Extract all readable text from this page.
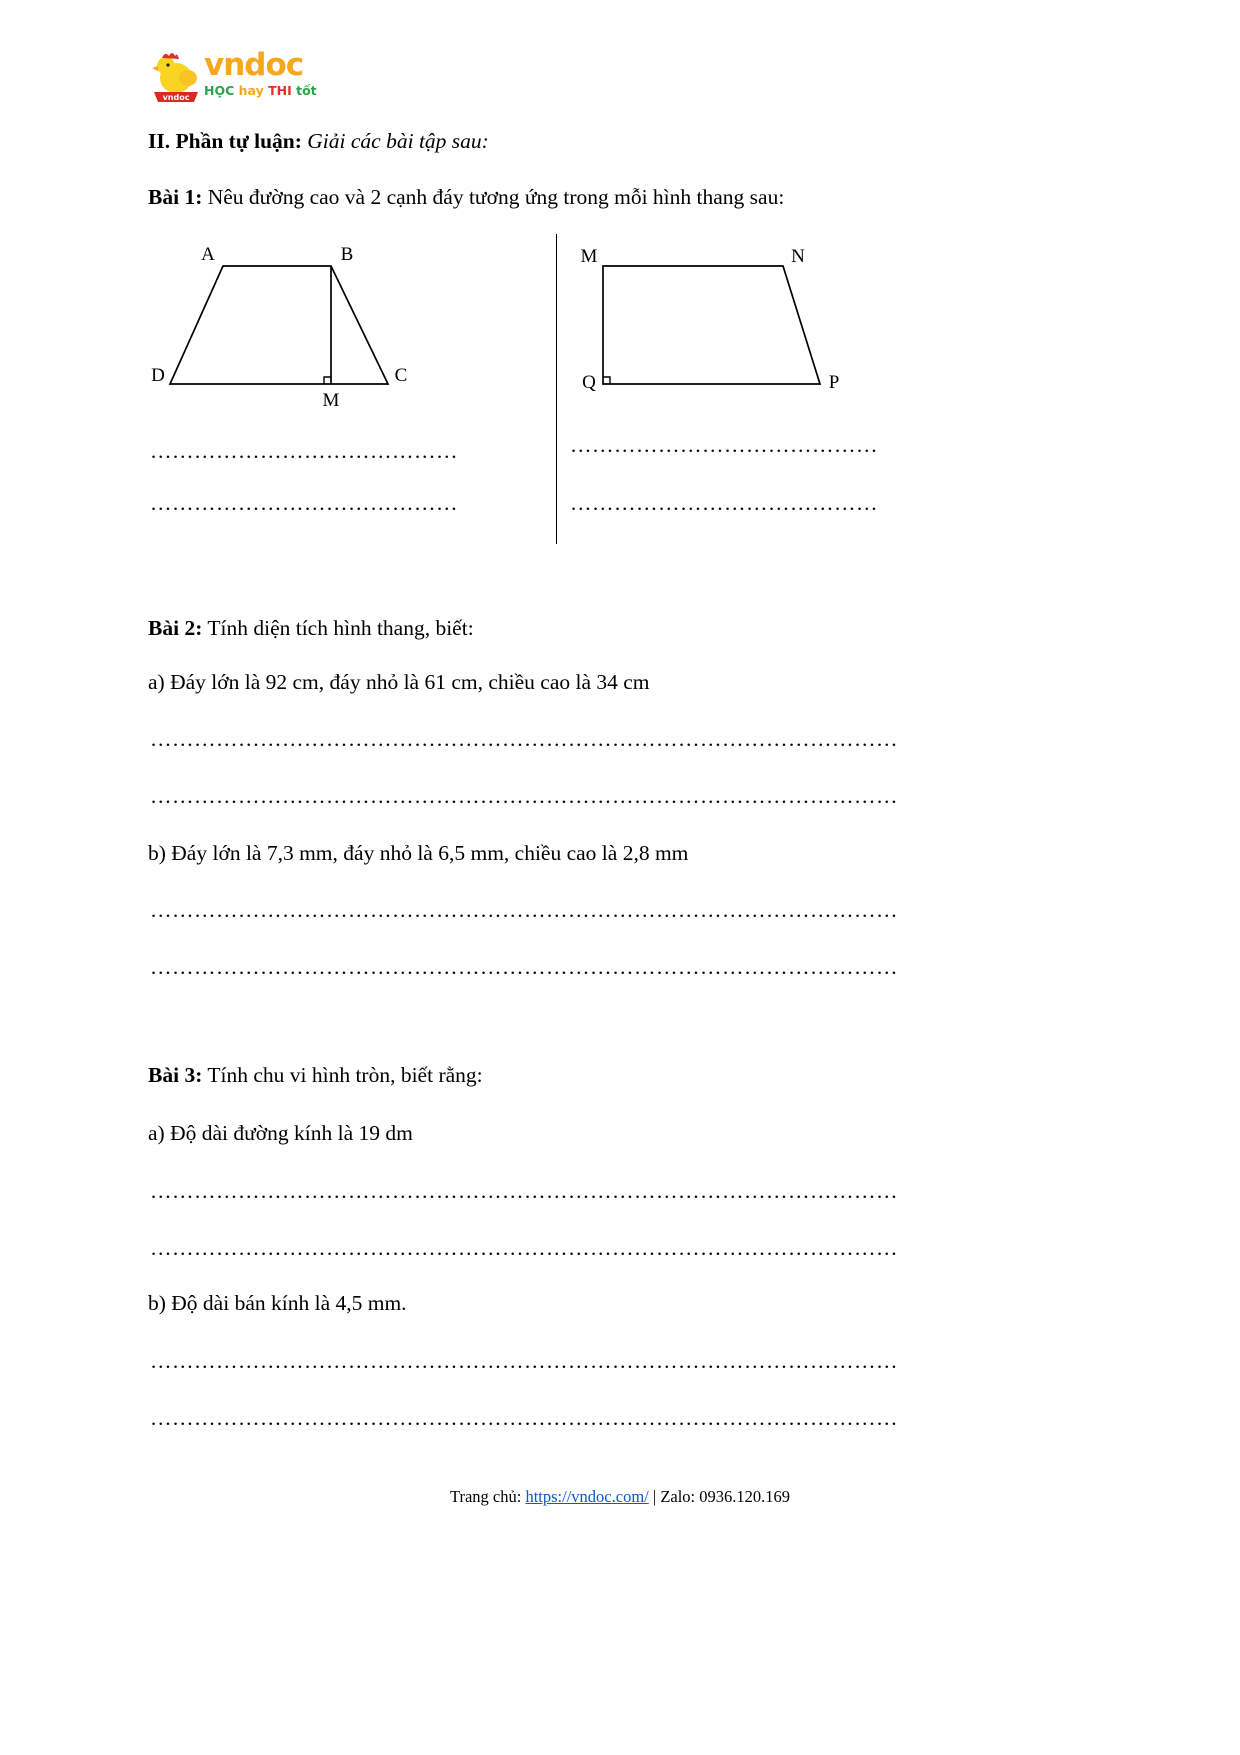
vndoc
vndoc
HỌC hay THI tốt
II. Phần tự luận: Giải các bài tập sau:
Bài 1: Nêu đường cao và 2 cạnh đáy tương ứng trong mỗi hình thang sau:
A	B
D	C
M
M	N
Q	P
……………………………………
……………………………………
……………………………………
……………………………………
Bài 2: Tính diện tích hình thang, biết:
a) Đáy lớn là 92 cm, đáy nhỏ là 61 cm, chiều cao là 34 cm
…………………………………………………………………………………………
…………………………………………………………………………………………
b) Đáy lớn là 7,3 mm, đáy nhỏ là 6,5 mm, chiều cao là 2,8 mm
…………………………………………………………………………………………
…………………………………………………………………………………………
Bài 3: Tính chu vi hình tròn, biết rằng:
a) Độ dài đường kính là 19 dm
…………………………………………………………………………………………
…………………………………………………………………………………………
b) Độ dài bán kính là 4,5 mm.
…………………………………………………………………………………………
…………………………………………………………………………………………
Trang chủ: https://vndoc.com/ | Zalo: 0936.120.169
